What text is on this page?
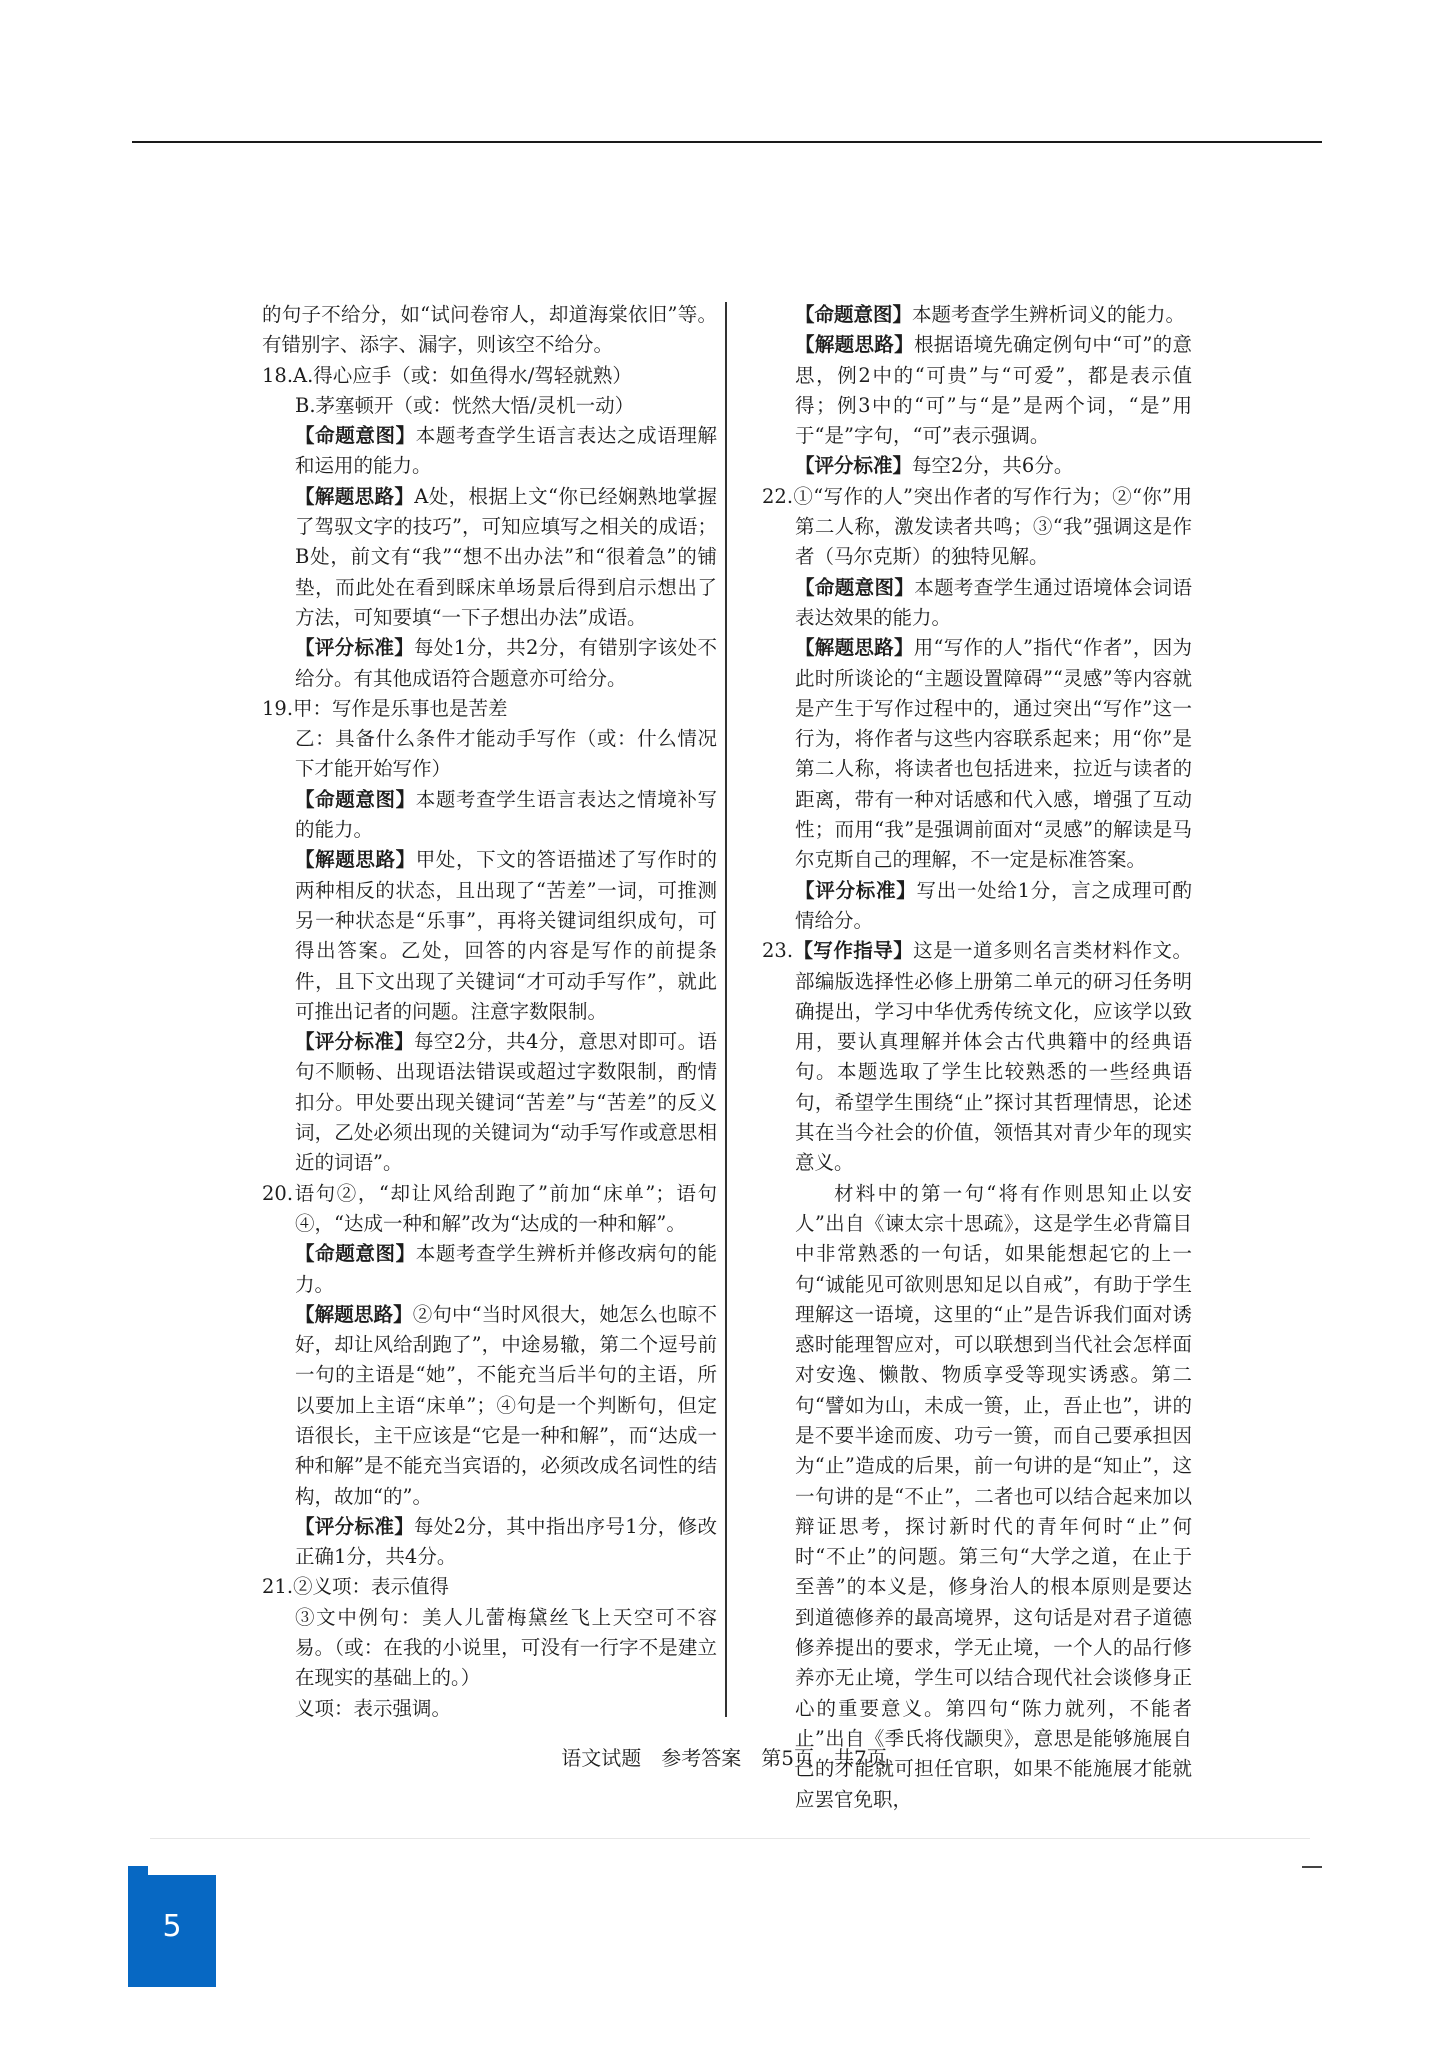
的句子不给分，如“试问卷帘人，却道海棠依旧”等。有错别字、添字、漏字，则该空不给分。

18.A.得心应手（或：如鱼得水/驾轻就熟）

B.茅塞顿开（或：恍然大悟/灵机一动）

【命题意图】本题考查学生语言表达之成语理解和运用的能力。

【解题思路】A处，根据上文“你已经娴熟地掌握了驾驭文字的技巧”，可知应填写之相关的成语；B处，前文有“我”“想不出办法”和“很着急”的铺垫，而此处在看到睬床单场景后得到启示想出了方法，可知要填“一下子想出办法”成语。

【评分标准】每处1分，共2分，有错别字该处不给分。有其他成语符合题意亦可给分。

19.甲：写作是乐事也是苦差

乙：具备什么条件才能动手写作（或：什么情况下才能开始写作）

【命题意图】本题考查学生语言表达之情境补写的能力。

【解题思路】甲处，下文的答语描述了写作时的两种相反的状态，且出现了“苦差”一词，可推测另一种状态是“乐事”，再将关键词组织成句，可得出答案。乙处，回答的内容是写作的前提条件，且下文出现了关键词“才可动手写作”，就此可推出记者的问题。注意字数限制。

【评分标准】每空2分，共4分，意思对即可。语句不顺畅、出现语法错误或超过字数限制，酌情扣分。甲处要出现关键词“苦差”与“苦差”的反义词，乙处必须出现的关键词为“动手写作或意思相近的词语”。

20.语句②，“却让风给刮跑了”前加“床单”；语句④，“达成一种和解”改为“达成的一种和解”。

【命题意图】本题考查学生辨析并修改病句的能力。

【解题思路】②句中“当时风很大，她怎么也晾不好，却让风给刮跑了”，中途易辙，第二个逗号前一句的主语是“她”，不能充当后半句的主语，所以要加上主语“床单”；④句是一个判断句，但定语很长，主干应该是“它是一种和解”，而“达成一种和解”是不能充当宾语的，必须改成名词性的结构，故加“的”。

【评分标准】每处2分，其中指出序号1分，修改正确1分，共4分。

21.②义项：表示值得

③文中例句：美人儿蕾梅黛丝飞上天空可不容易。（或：在我的小说里，可没有一行字不是建立在现实的基础上的。）

义项：表示强调。

【命题意图】本题考查学生辨析词义的能力。

【解题思路】根据语境先确定例句中“可”的意思，例2中的“可贵”与“可爱”，都是表示值得；例3中的“可”与“是”是两个词，“是”用于“是”字句，“可”表示强调。

【评分标准】每空2分，共6分。

22.①“写作的人”突出作者的写作行为；②“你”用第二人称，激发读者共鸣；③“我”强调这是作者（马尔克斯）的独特见解。

【命题意图】本题考查学生通过语境体会词语表达效果的能力。

【解题思路】用“写作的人”指代“作者”，因为此时所谈论的“主题设置障碍”“灵感”等内容就是产生于写作过程中的，通过突出“写作”这一行为，将作者与这些内容联系起来；用“你”是第二人称，将读者也包括进来，拉近与读者的距离，带有一种对话感和代入感，增强了互动性；而用“我”是强调前面对“灵感”的解读是马尔克斯自己的理解，不一定是标准答案。

【评分标准】写出一处给1分，言之成理可酌情给分。

23.【写作指导】这是一道多则名言类材料作文。部编版选择性必修上册第二单元的研习任务明确提出，学习中华优秀传统文化，应该学以致用，要认真理解并体会古代典籍中的经典语句。本题选取了学生比较熟悉的一些经典语句，希望学生围绕“止”探讨其哲理情思，论述其在当今社会的价值，领悟其对青少年的现实意义。

材料中的第一句“将有作则思知止以安人”出自《谏太宗十思疏》，这是学生必背篇目中非常熟悉的一句话，如果能想起它的上一句“诚能见可欲则思知足以自戒”，有助于学生理解这一语境，这里的“止”是告诉我们面对诱惑时能理智应对，可以联想到当代社会怎样面对安逸、懒散、物质享受等现实诱惑。第二句“譬如为山，未成一篑，止，吾止也”，讲的是不要半途而废、功亏一篑，而自己要承担因为“止”造成的后果，前一句讲的是“知止”，这一句讲的是“不止”，二者也可以结合起来加以辩证思考，探讨新时代的青年何时“止”何时“不止”的问题。第三句“大学之道，在止于至善”的本义是，修身治人的根本原则是要达到道德修养的最高境界，这句话是对君子道德修养提出的要求，学无止境，一个人的品行修养亦无止境，学生可以结合现代社会谈修身正心的重要意义。第四句“陈力就列，不能者止”出自《季氏将伐颛臾》，意思是能够施展自己的才能就可担任官职，如果不能施展才能就应罢官免职，

语文试题　参考答案　第5页　共7页
5
